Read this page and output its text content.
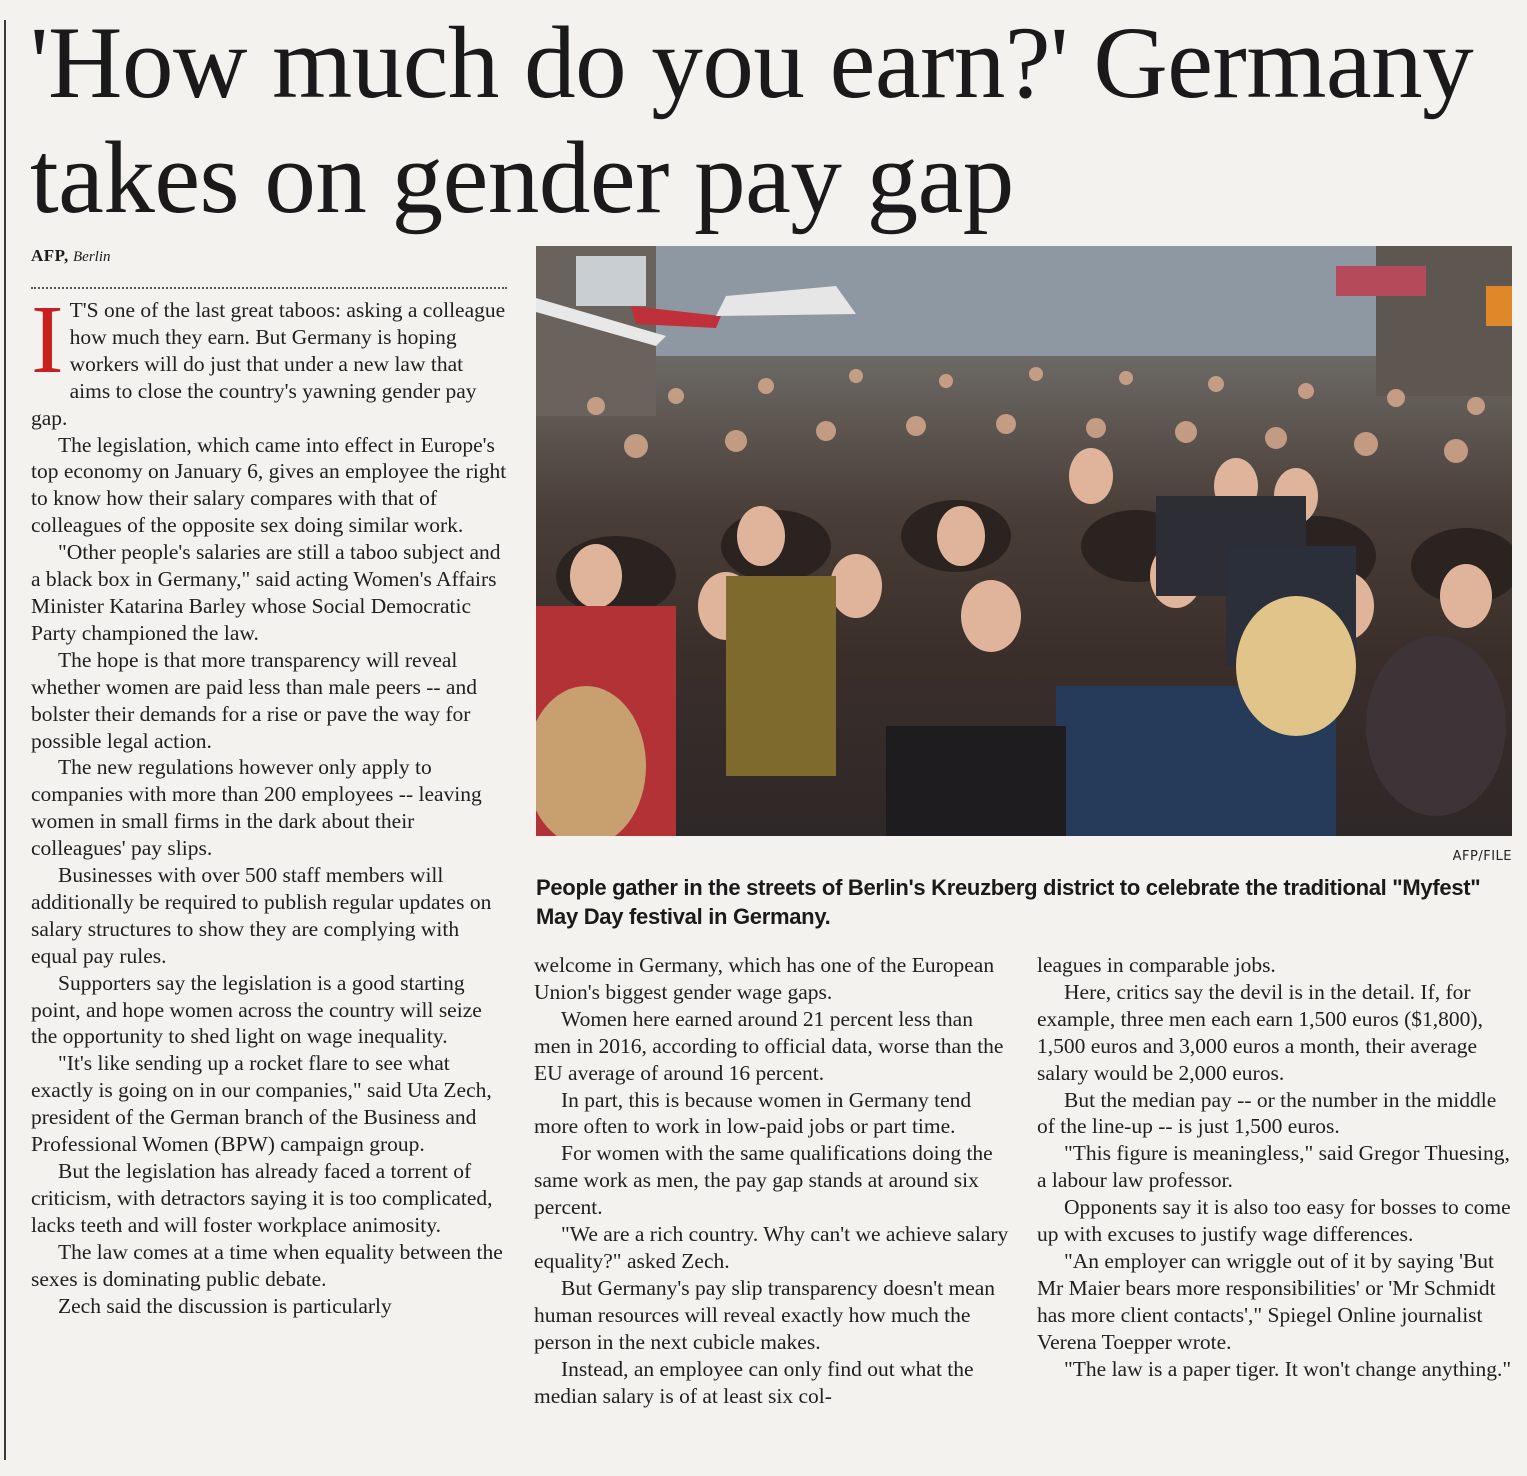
'How much do you earn?' Germany takes on gender pay gap
AFP, Berlin

I T'S one of the last great taboos: asking a colleague how much they earn. But Germany is hoping workers will do just that under a new law that aims to close the country's yawning gender pay gap.

The legislation, which came into effect in Europe's top economy on January 6, gives an employee the right to know how their salary compares with that of colleagues of the opposite sex doing similar work.

"Other people's salaries are still a taboo subject and a black box in Germany," said acting Women's Affairs Minister Katarina Barley whose Social Democratic Party championed the law.

The hope is that more transparency will reveal whether women are paid less than male peers -- and bolster their demands for a rise or pave the way for possible legal action.

The new regulations however only apply to companies with more than 200 employees -- leaving women in small firms in the dark about their colleagues' pay slips.

Businesses with over 500 staff members will additionally be required to publish regular updates on salary structures to show they are complying with equal pay rules.

Supporters say the legislation is a good starting point, and hope women across the country will seize the opportunity to shed light on wage inequality.

"It's like sending up a rocket flare to see what exactly is going on in our companies," said Uta Zech, president of the German branch of the Business and Professional Women (BPW) campaign group.

But the legislation has already faced a torrent of criticism, with detractors saying it is too complicated, lacks teeth and will foster workplace animosity.

The law comes at a time when equality between the sexes is dominating public debate.

Zech said the discussion is particularly

AFP/FILE
People gather in the streets of Berlin's Kreuzberg district to celebrate the traditional "Myfest" May Day festival in Germany.

welcome in Germany, which has one of the European Union's biggest gender wage gaps.

Women here earned around 21 percent less than men in 2016, according to official data, worse than the EU average of around 16 percent.

In part, this is because women in Germany tend more often to work in low-paid jobs or part time.

For women with the same qualifications doing the same work as men, the pay gap stands at around six percent.

"We are a rich country. Why can't we achieve salary equality?" asked Zech.

But Germany's pay slip transparency doesn't mean human resources will reveal exactly how much the person in the next cubicle makes.

Instead, an employee can only find out what the median salary is of at least six col-

leagues in comparable jobs.

Here, critics say the devil is in the detail. If, for example, three men each earn 1,500 euros ($1,800), 1,500 euros and 3,000 euros a month, their average salary would be 2,000 euros.

But the median pay -- or the number in the middle of the line-up -- is just 1,500 euros.

"This figure is meaningless," said Gregor Thuesing, a labour law professor.

Opponents say it is also too easy for bosses to come up with excuses to justify wage differences.

"An employer can wriggle out of it by saying 'But Mr Maier bears more responsibilities' or 'Mr Schmidt has more client contacts'," Spiegel Online journalist Verena Toepper wrote.

"The law is a paper tiger. It won't change anything."
